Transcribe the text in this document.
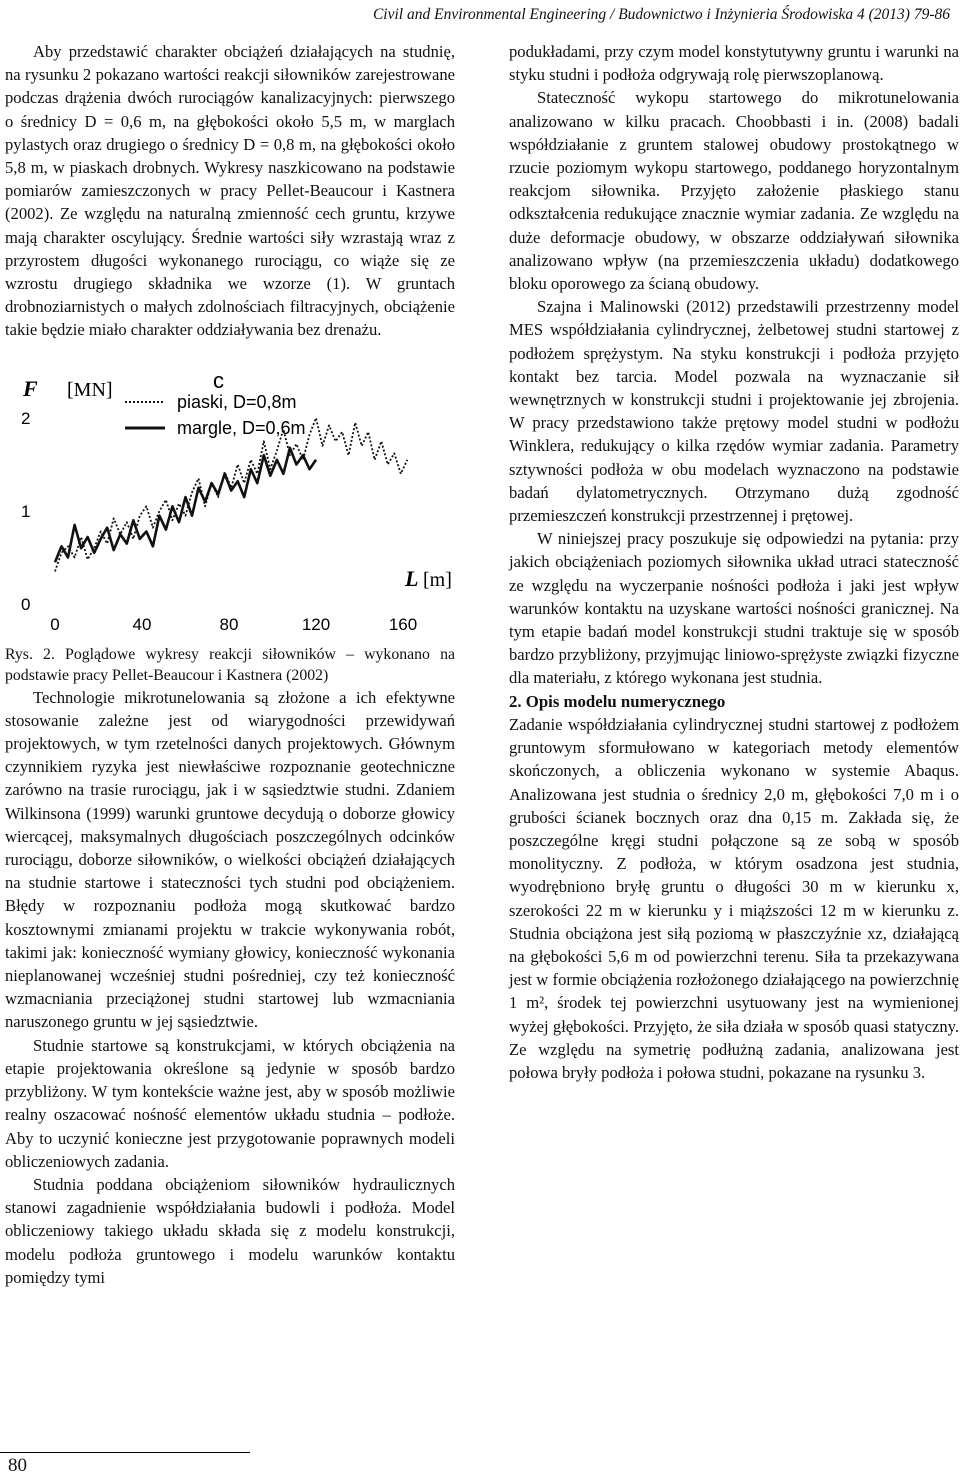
Civil and Environmental Engineering / Budownictwo i Inżynieria Środowiska 4 (2013) 79-86

Aby przedstawić charakter obciążeń działających na studnię, na rysunku 2 pokazano wartości reakcji siłowników zarejestrowane podczas drążenia dwóch rurociągów kanalizacyjnych: pierwszego o średnicy D = 0,6 m, na głębokości około 5,5 m, w marglach pylastych oraz drugiego o średnicy D = 0,8 m, na głębokości około 5,8 m, w piaskach drobnych. Wykresy naszkicowano na podstawie pomiarów zamieszczonych w pracy Pellet-Beaucour i Kastnera (2002). Ze względu na naturalną zmienność cech gruntu, krzywe mają charakter oscylujący. Średnie wartości siły wzrastają wraz z przyrostem długości wykonanego rurociągu, co wiąże się ze wzrostu drugiego składnika we wzorze (1). W gruntach drobnoziarnistych o małych zdolnościach filtracyjnych, obciążenie takie będzie miało charakter oddziaływania bez drenażu.

F [MN]	c
0
1
2
0	40	80	120	160
piaski, D=0,8m
margle, D=0,6m
L [m]

Rys. 2. Poglądowe wykresy reakcji siłowników – wykonano na podstawie pracy Pellet-Beaucour i Kastnera (2002)

Technologie mikrotunelowania są złożone a ich efektywne stosowanie zależne jest od wiarygodności przewidywań projektowych, w tym rzetelności danych projektowych. Głównym czynnikiem ryzyka jest niewłaściwe rozpoznanie geotechniczne zarówno na trasie rurociągu, jak i w sąsiedztwie studni. Zdaniem Wilkinsona (1999) warunki gruntowe decydują o doborze głowicy wiercącej, maksymalnych długościach poszczególnych odcinków rurociągu, doborze siłowników, o wielkości obciążeń działających na studnie startowe i stateczności tych studni pod obciążeniem. Błędy w rozpoznaniu podłoża mogą skutkować bardzo kosztownymi zmianami projektu w trakcie wykonywania robót, takimi jak: konieczność wymiany głowicy, konieczność wykonania nieplanowanej wcześniej studni pośredniej, czy też konieczność wzmacniania przeciążonej studni startowej lub wzmacniania naruszonego gruntu w jej sąsiedztwie.

Studnie startowe są konstrukcjami, w których obciążenia na etapie projektowania określone są jedynie w sposób bardzo przybliżony. W tym kontekście ważne jest, aby w sposób możliwie realny oszacować nośność elementów układu studnia – podłoże. Aby to uczynić konieczne jest przygotowanie poprawnych modeli obliczeniowych zadania.

Studnia poddana obciążeniom siłowników hydraulicznych stanowi zagadnienie współdziałania budowli i podłoża. Model obliczeniowy takiego układu składa się z modelu konstrukcji, modelu podłoża gruntowego i modelu warunków kontaktu pomiędzy tymi

podukładami, przy czym model konstytutywny gruntu i warunki na styku studni i podłoża odgrywają rolę pierwszoplanową.

Stateczność wykopu startowego do mikrotunelowania analizowano w kilku pracach. Choobbasti i in. (2008) badali współdziałanie z gruntem stalowej obudowy prostokątnego w rzucie poziomym wykopu startowego, poddanego horyzontalnym reakcjom siłownika. Przyjęto założenie płaskiego stanu odkształcenia redukujące znacznie wymiar zadania. Ze względu na duże deformacje obudowy, w obszarze oddziaływań siłownika analizowano wpływ (na przemieszczenia układu) dodatkowego bloku oporowego za ścianą obudowy.

Szajna i Malinowski (2012) przedstawili przestrzenny model MES współdziałania cylindrycznej, żelbetowej studni startowej z podłożem sprężystym. Na styku konstrukcji i podłoża przyjęto kontakt bez tarcia. Model pozwala na wyznaczanie sił wewnętrznych w konstrukcji studni i projektowanie jej zbrojenia. W pracy przedstawiono także prętowy model studni w podłożu Winklera, redukujący o kilka rzędów wymiar zadania. Parametry sztywności podłoża w obu modelach wyznaczono na podstawie badań dylatometrycznych. Otrzymano dużą zgodność przemieszczeń konstrukcji przestrzennej i prętowej.

W niniejszej pracy poszukuje się odpowiedzi na pytania: przy jakich obciążeniach poziomych siłownika układ utraci stateczność ze względu na wyczerpanie nośności podłoża i jaki jest wpływ warunków kontaktu na uzyskane wartości nośności granicznej. Na tym etapie badań model konstrukcji studni traktuje się w sposób bardzo przybliżony, przyjmując liniowo-sprężyste związki fizyczne dla materiału, z którego wykonana jest studnia.

2. Opis modelu numerycznego

Zadanie współdziałania cylindrycznej studni startowej z podłożem gruntowym sformułowano w kategoriach metody elementów skończonych, a obliczenia wykonano w systemie Abaqus. Analizowana jest studnia o średnicy 2,0 m, głębokości 7,0 m i o grubości ścianek bocznych oraz dna 0,15 m. Zakłada się, że poszczególne kręgi studni połączone są ze sobą w sposób monolityczny. Z podłoża, w którym osadzona jest studnia, wyodrębniono bryłę gruntu o długości 30 m w kierunku x, szerokości 22 m w kierunku y i miąższości 12 m w kierunku z. Studnia obciążona jest siłą poziomą w płaszczyźnie xz, działającą na głębokości 5,6 m od powierzchni terenu. Siła ta przekazywana jest w formie obciążenia rozłożonego działającego na powierzchnię 1 m², środek tej powierzchni usytuowany jest na wymienionej wyżej głębokości. Przyjęto, że siła działa w sposób quasi statyczny. Ze względu na symetrię podłużną zadania, analizowana jest połowa bryły podłoża i połowa studni, pokazane na rysunku 3.

80
